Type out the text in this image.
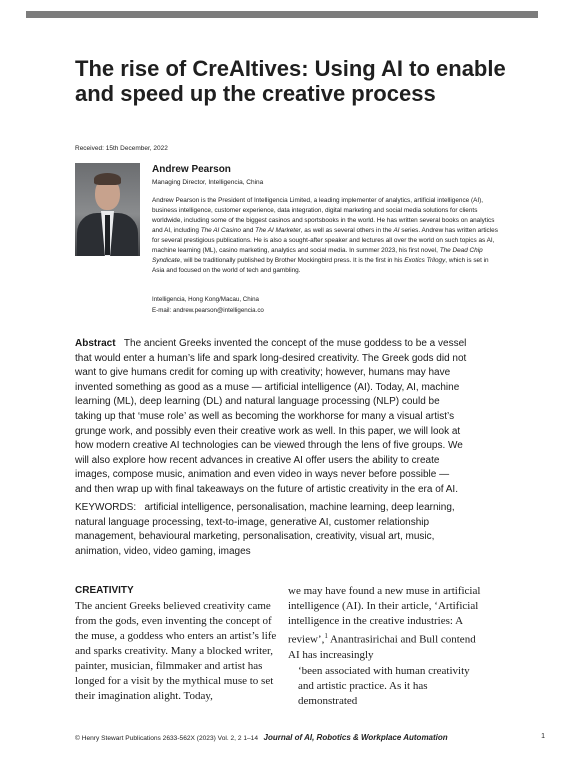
The rise of CreAItives: Using AI to enable and speed up the creative process
Received: 15th December, 2022
Andrew Pearson
Managing Director, Intelligencia, China

Andrew Pearson is the President of Intelligencia Limited, a leading implementer of analytics, artificial intelligence (AI), business intelligence, customer experience, data integration, digital marketing and social media solutions for clients worldwide, including some of the biggest casinos and sportsbooks in the world. He has written several books on analytics and AI, including The AI Casino and The AI Marketer, as well as several others in the AI series. Andrew has written articles for several prestigious publications. He is also a sought-after speaker and lectures all over the world on such topics as AI, machine learning (ML), casino marketing, analytics and social media. In summer 2023, his first novel, The Dead Chip Syndicate, will be traditionally published by Brother Mockingbird press. It is the first in his Exotics Trilogy, which is set in Asia and focused on the world of tech and gambling.

Intelligencia, Hong Kong/Macau, China
E-mail: andrew.pearson@intelligencia.co

Abstract The ancient Greeks invented the concept of the muse goddess to be a vessel that would enter a human’s life and spark long-desired creativity. The Greek gods did not want to give humans credit for coming up with creativity; however, humans may have invented something as good as a muse — artificial intelligence (AI). Today, AI, machine learning (ML), deep learning (DL) and natural language processing (NLP) could be taking up that ‘muse role’ as well as becoming the workhorse for many a visual artist’s grunge work, and possibly even their creative work as well. In this paper, we will look at how modern creative AI technologies can be viewed through the lens of five groups. We will also explore how recent advances in creative AI offer users the ability to create images, compose music, animation and even video in ways never before possible — and then wrap up with final takeaways on the future of artistic creativity in the era of AI.

KEYWORDS: artificial intelligence, personalisation, machine learning, deep learning, natural language processing, text-to-image, generative AI, customer relationship management, behavioural marketing, personalisation, creativity, visual art, music, animation, video, video gaming, images

CREATIVITY

The ancient Greeks believed creativity came from the gods, even inventing the concept of the muse, a goddess who enters an artist’s life and sparks creativity. Many a blocked writer, painter, musician, filmmaker and artist has longed for a visit by the mythical muse to set their imagination alight. Today,

we may have found a new muse in artificial intelligence (AI). In their article, ‘Artificial intelligence in the creative industries: A review’,$^1$ Anantrasirichai and Bull contend AI has increasingly

‘been associated with human creativity and artistic practice. As it has demonstrated

© Henry Stewart Publications 2633-562X (2023) Vol. 2, 2 1–14 Journal of AI, Robotics & Workplace Automation	1
